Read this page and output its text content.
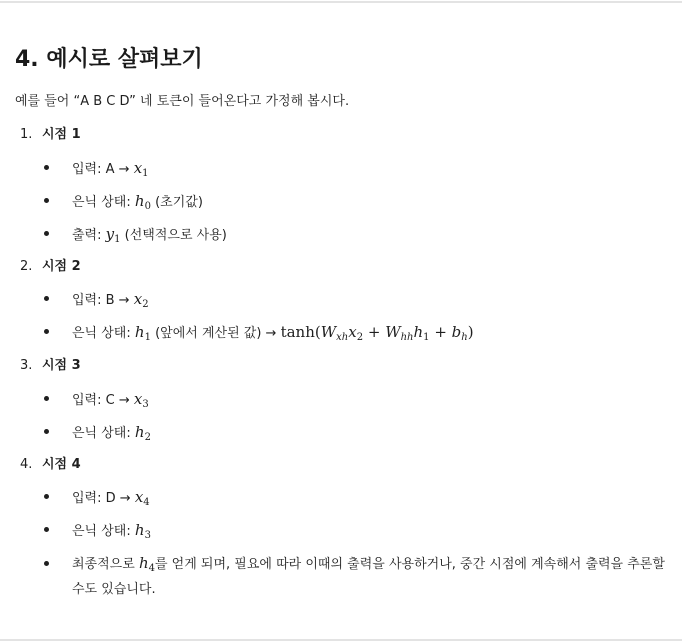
4. 예시로 살펴보기

예를 들어 “A B C D” 네 토큰이 들어온다고 가정해 봅시다.

1. 시점 1

입력: $A \to x_1$
은닉 상태: $h_0$ (초기값)
출력: $y_1$ (선택적으로 사용)

2. 시점 2

입력: $B \to x_2$
은닉 상태: $h_1$ (앞에서 계산된 값) → $\tanh(W_{xh}x_2 + W_{hh}h_1 + b_h)$

3. 시점 3

입력: $C \to x_3$
은닉 상태: $h_2$

4. 시점 4

입력: $D \to x_4$
은닉 상태: $h_3$
최종적으로 $h_4$를 얻게 되며, 필요에 따라 이때의 출력을 사용하거나, 중간 시점에 계속해서 출력을 추론할 수도 있습니다.
